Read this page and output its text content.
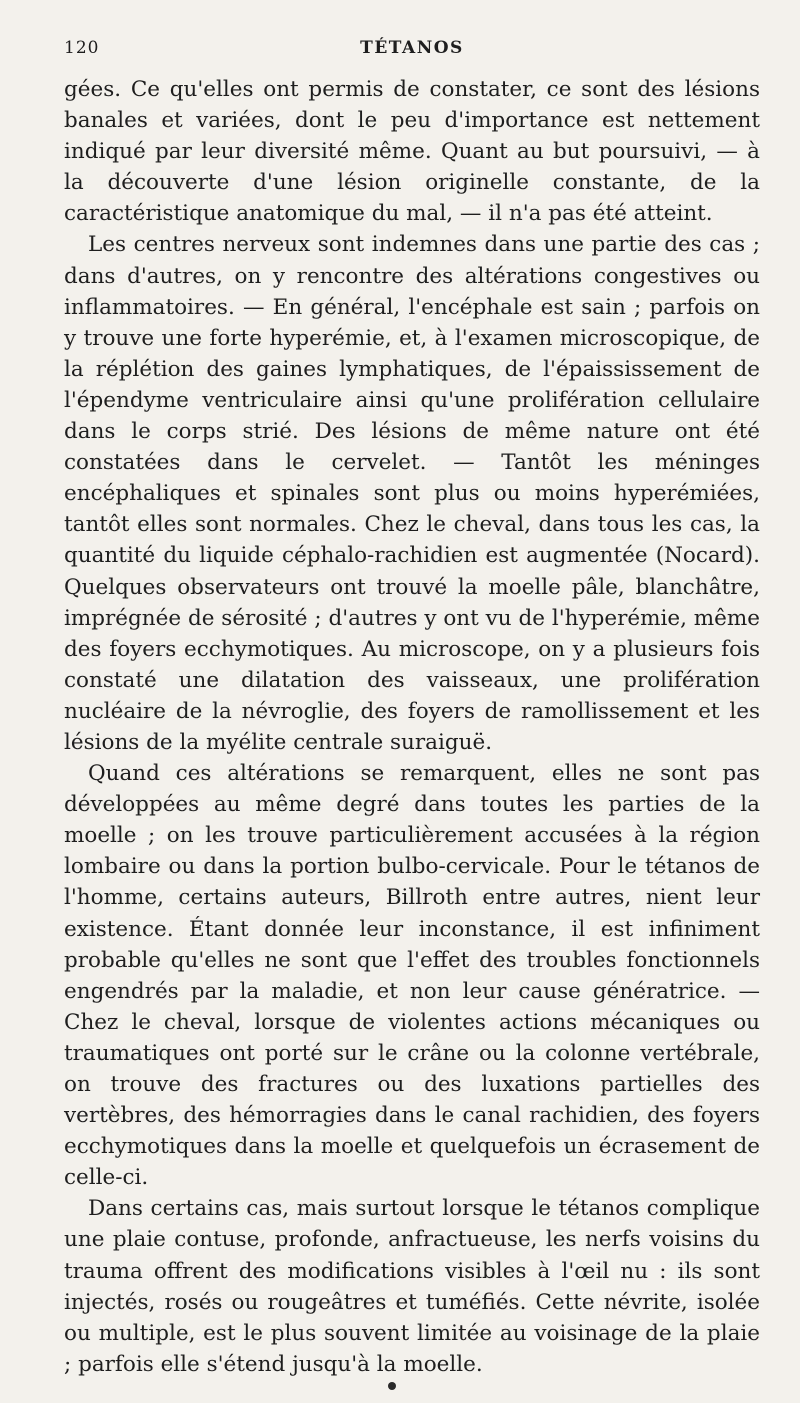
120	TÉTANOS

gées. Ce qu'elles ont permis de constater, ce sont des lésions banales et variées, dont le peu d'importance est nettement indiqué par leur diversité même. Quant au but poursuivi, — à la découverte d'une lésion originelle constante, de la caractéristique anatomique du mal, — il n'a pas été atteint.

Les centres nerveux sont indemnes dans une partie des cas ; dans d'autres, on y rencontre des altérations congestives ou inflammatoires. — En général, l'encéphale est sain ; parfois on y trouve une forte hyperémie, et, à l'examen microscopique, de la réplétion des gaines lymphatiques, de l'épaississement de l'épendyme ventriculaire ainsi qu'une prolifération cellulaire dans le corps strié. Des lésions de même nature ont été constatées dans le cervelet. — Tantôt les méninges encéphaliques et spinales sont plus ou moins hyperémiées, tantôt elles sont normales. Chez le cheval, dans tous les cas, la quantité du liquide céphalo-rachidien est augmentée (Nocard). Quelques observateurs ont trouvé la moelle pâle, blanchâtre, imprégnée de sérosité ; d'autres y ont vu de l'hyperémie, même des foyers ecchymotiques. Au microscope, on y a plusieurs fois constaté une dilatation des vaisseaux, une prolifération nucléaire de la névroglie, des foyers de ramollissement et les lésions de la myélite centrale suraiguë.

Quand ces altérations se remarquent, elles ne sont pas développées au même degré dans toutes les parties de la moelle ; on les trouve particulièrement accusées à la région lombaire ou dans la portion bulbo-cervicale. Pour le tétanos de l'homme, certains auteurs, Billroth entre autres, nient leur existence. Étant donnée leur inconstance, il est infiniment probable qu'elles ne sont que l'effet des troubles fonctionnels engendrés par la maladie, et non leur cause génératrice. — Chez le cheval, lorsque de violentes actions mécaniques ou traumatiques ont porté sur le crâne ou la colonne vertébrale, on trouve des fractures ou des luxations partielles des vertèbres, des hémorragies dans le canal rachidien, des foyers ecchymotiques dans la moelle et quelquefois un écrasement de celle-ci.

Dans certains cas, mais surtout lorsque le tétanos complique une plaie contuse, profonde, anfractueuse, les nerfs voisins du trauma offrent des modifications visibles à l'œil nu : ils sont injectés, rosés ou rougeâtres et tuméfiés. Cette névrite, isolée ou multiple, est le plus souvent limitée au voisinage de la plaie ; parfois elle s'étend jusqu'à la moelle.
